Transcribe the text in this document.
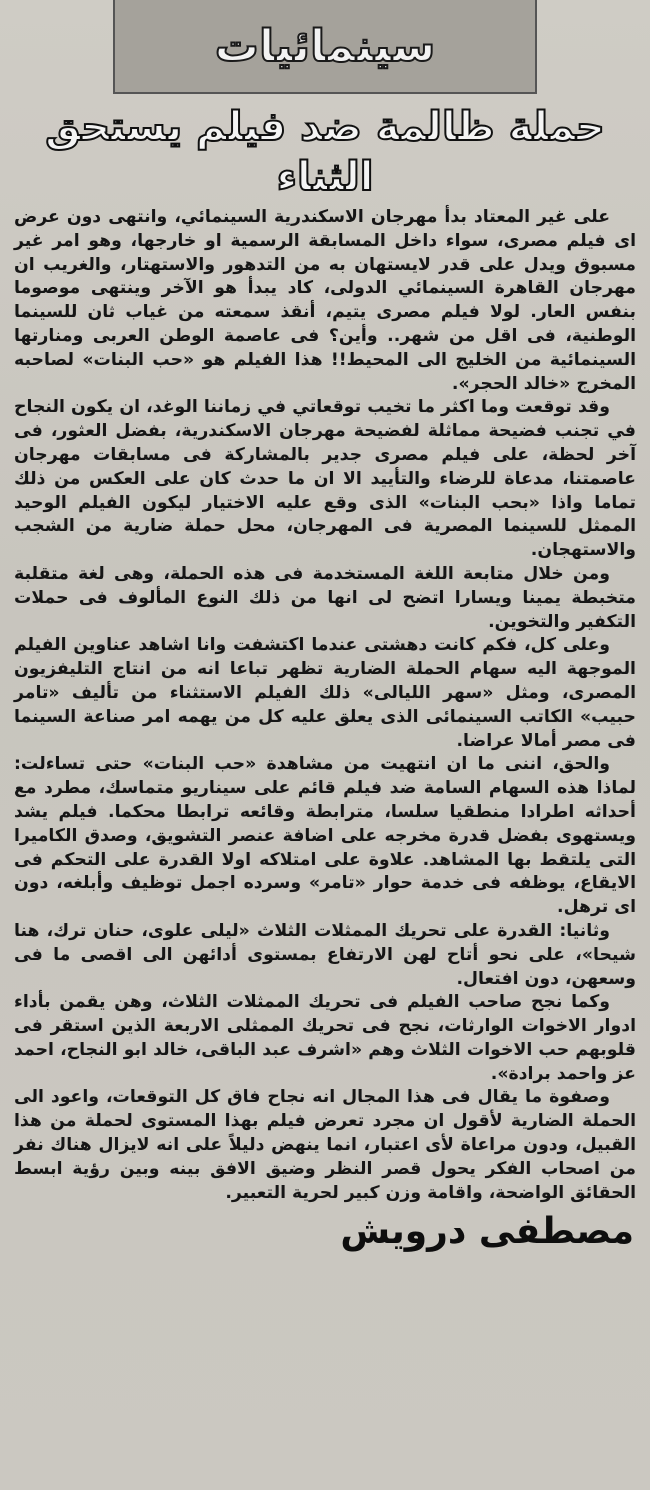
سينمائيات
حملة ظالمة ضد فيلم يستحق الثناء

على غير المعتاد بدأ مهرجان الاسكندرية السينمائي، وانتهى دون عرض اى فيلم مصرى، سواء داخل المسابقة الرسمية او خارجها، وهو امر غير مسبوق ويدل على قدر لايستهان به من التدهور والاستهتار، والغريب ان مهرجان القاهرة السينمائي الدولى، كاد يبدأ هو الآخر وينتهى موصوما بنفس العار. لولا فيلم مصرى يتيم، أنقذ سمعته من غياب ثان للسينما الوطنية، فى اقل من شهر.. وأين؟ فى عاصمة الوطن العربى ومنارتها السينمائية من الخليج الى المحيط!! هذا الفيلم هو «حب البنات» لصاحبه المخرج «خالد الحجر».

وقد توقعت وما اكثر ما تخيب توقعاتي في زماننا الوغد، ان يكون النجاح في تجنب فضيحة مماثلة لفضيحة مهرجان الاسكندرية، بفضل العثور، فى آخر لحظة، على فيلم مصرى جدير بالمشاركة فى مسابقات مهرجان عاصمتنا، مدعاة للرضاء والتأييد الا ان ما حدث كان على العكس من ذلك تماما واذا «بحب البنات» الذى وقع عليه الاختيار ليكون الفيلم الوحيد الممثل للسينما المصرية فى المهرجان، محل حملة ضارية من الشجب والاستهجان.

ومن خلال متابعة اللغة المستخدمة فى هذه الحملة، وهى لغة متقلبة متخبطة يمينا ويسارا اتضح لى انها من ذلك النوع المألوف فى حملات التكفير والتخوين.

وعلى كل، فكم كانت دهشتى عندما اكتشفت وانا اشاهد عناوين الفيلم الموجهة اليه سهام الحملة الضارية تظهر تباعا انه من انتاج التليفزيون المصرى، ومثل «سهر الليالى» ذلك الفيلم الاستثناء من تأليف «تامر حبيب» الكاتب السينمائى الذى يعلق عليه كل من يهمه امر صناعة السينما فى مصر أمالا عراضا.

والحق، اننى ما ان انتهيت من مشاهدة «حب البنات» حتى تساءلت: لماذا هذه السهام السامة ضد فيلم قائم على سيناريو متماسك، مطرد مع أحداثه اطرادا منطقيا سلسا، مترابطة وقائعه ترابطا محكما. فيلم يشد ويستهوى بفضل قدرة مخرجه على اضافة عنصر التشويق، وصدق الكاميرا التى يلتقط بها المشاهد. علاوة على امتلاكه اولا القدرة على التحكم فى الايقاع، يوظفه فى خدمة حوار «تامر» وسرده اجمل توظيف وأبلغه، دون اى ترهل.

وثانيا: القدرة على تحريك الممثلات الثلاث «ليلى علوى، حنان ترك، هنا شيحا»، على نحو أتاح لهن الارتفاع بمستوى أدائهن الى اقصى ما فى وسعهن، دون افتعال.

وكما نجح صاحب الفيلم فى تحريك الممثلات الثلاث، وهن يقمن بأداء ادوار الاخوات الوارثات، نجح فى تحريك الممثلى الاربعة الذين استقر فى قلوبهم حب الاخوات الثلاث وهم «اشرف عبد الباقى، خالد ابو النجاح، احمد عز واحمد برادة».

وصفوة ما يقال فى هذا المجال انه نجاح فاق كل التوقعات، واعود الى الحملة الضارية لأقول ان مجرد تعرض فيلم بهذا المستوى لحملة من هذا القبيل، ودون مراعاة لأى اعتبار، انما ينهض دليلاً على انه لايزال هناك نفر من اصحاب الفكر يحول قصر النظر وضيق الافق بينه وبين رؤية ابسط الحقائق الواضحة، واقامة وزن كبير لحرية التعبير.

مصطفى درويش
